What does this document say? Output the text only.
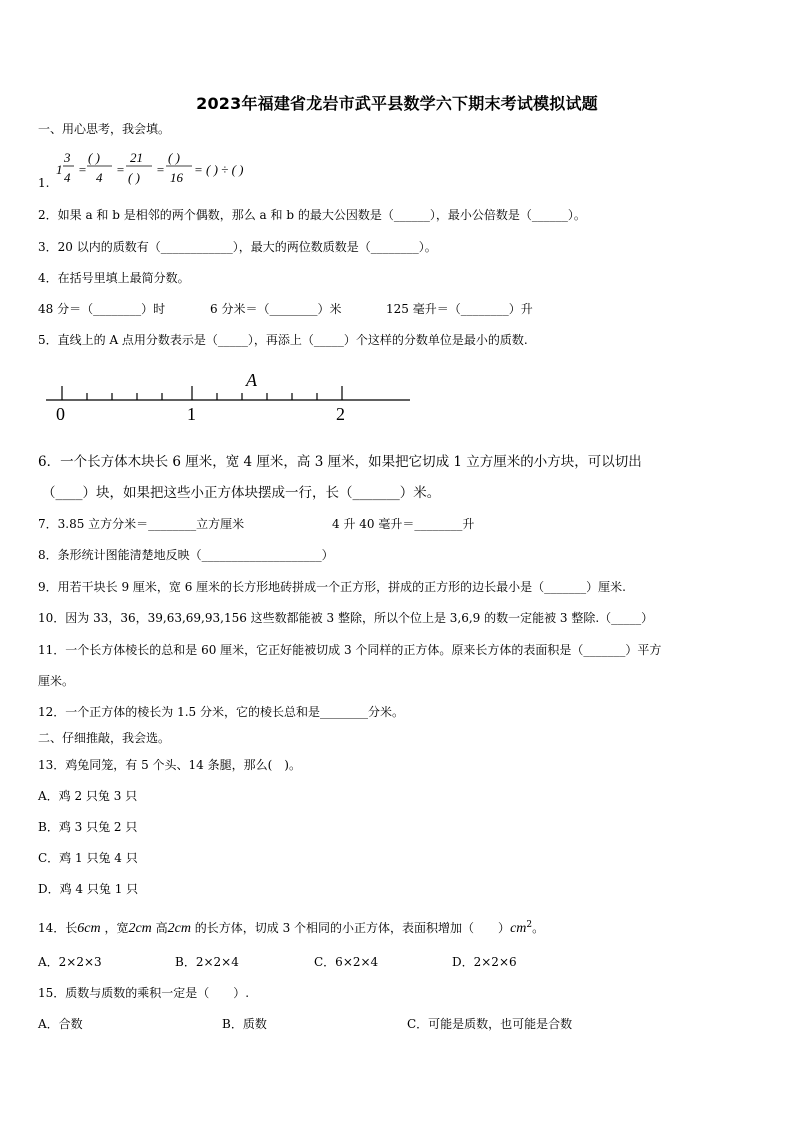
2023年福建省龙岩市武平县数学六下期末考试模拟试题
一、用心思考，我会填。
1.
1
3
4
=
( )
4
=
21
( )
=
( )
16
= ( ) ÷ ( )
2．如果 a 和 b 是相邻的两个偶数，那么 a 和 b 的最大公因数是（______），最小公倍数是（______）。
3．20 以内的质数有（____________），最大的两位数质数是（________）。
4．在括号里填上最简分数。
48 分＝（________）时	6 分米＝（________）米	125 毫升＝（________）升
5．直线上的 A 点用分数表示是（_____），再添上（_____）个这样的分数单位是最小的质数.
0	1	2
A
6．一个长方体木块长 6 厘米，宽 4 厘米，高 3 厘米，如果把它切成 1 立方厘米的小方块，可以切出
（____）块，如果把这些小正方体块摆成一行，长（_______）米。
7．3.85 立方分米＝________立方厘米	4 升 40 毫升＝________升
8．条形统计图能清楚地反映（____________________）
9．用若干块长 9 厘米，宽 6 厘米的长方形地砖拼成一个正方形，拼成的正方形的边长最小是（_______）厘米.
10．因为 33，36，39,63,69,93,156 这些数都能被 3 整除，所以个位上是 3,6,9 的数一定能被 3 整除.（_____）
11．一个长方体棱长的总和是 60 厘米，它正好能被切成 3 个同样的正方体。原来长方体的表面积是（_______）平方
厘米。
12．一个正方体的棱长为 1.5 分米，它的棱长总和是________分米。
二、仔细推敲，我会选。
13．鸡兔同笼，有 5 个头、14 条腿，那么(　)。
A．鸡 2 只兔 3 只
B．鸡 3 只兔 2 只
C．鸡 1 只兔 4 只
D．鸡 4 只兔 1 只
14．长6cm ，宽2cm 高2cm 的长方体，切成 3 个相同的小正方体，表面积增加（　　）$cm^2$。
A．2×2×3	B．2×2×4	C．6×2×4	D．2×2×6
15．质数与质数的乘积一定是（　　）.
A．合数	B．质数	C．可能是质数，也可能是合数
